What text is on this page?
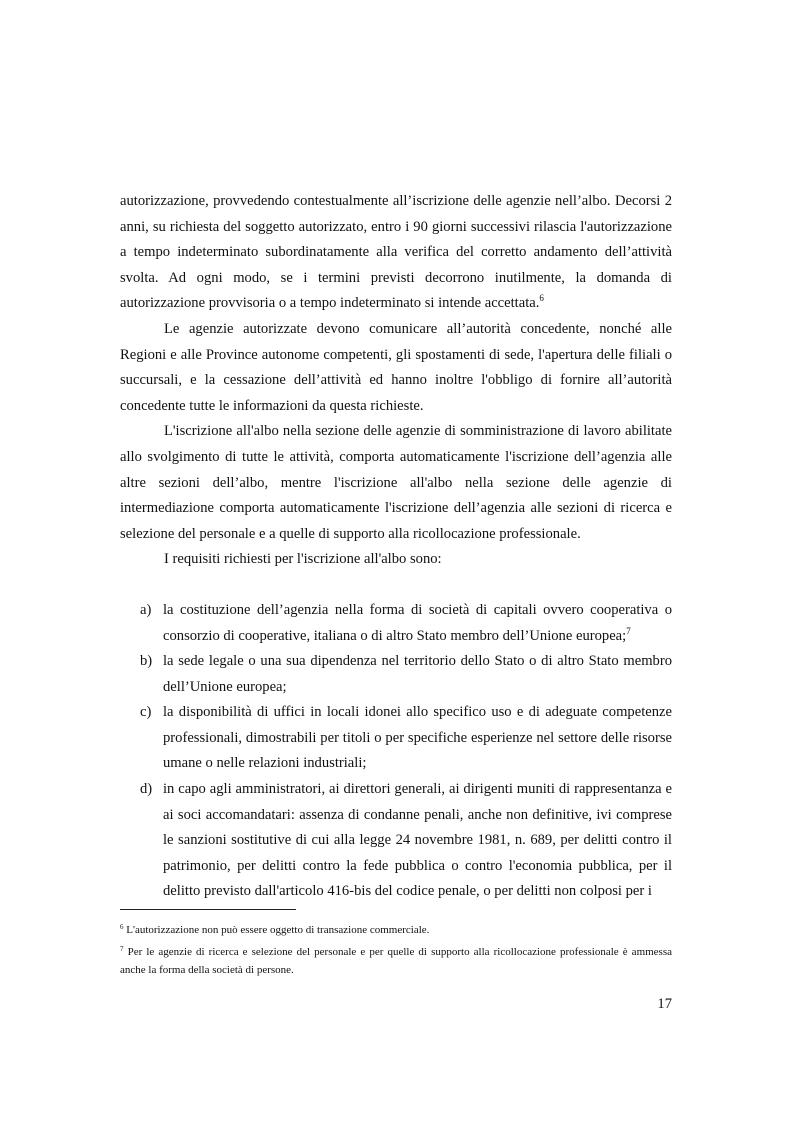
autorizzazione, provvedendo contestualmente all’iscrizione delle agenzie nell’albo. Decorsi 2 anni, su richiesta del soggetto autorizzato, entro i 90 giorni successivi rilascia l'autorizzazione a tempo indeterminato subordinatamente alla verifica del corretto andamento dell’attività svolta. Ad ogni modo, se i termini previsti decorrono inutilmente, la domanda di autorizzazione provvisoria o a tempo indeterminato si intende accettata.$^6$

Le agenzie autorizzate devono comunicare all’autorità concedente, nonché alle Regioni e alle Province autonome competenti, gli spostamenti di sede, l'apertura delle filiali o succursali, e la cessazione dell’attività ed hanno inoltre l'obbligo di fornire all’autorità concedente tutte le informazioni da questa richieste.

L'iscrizione all'albo nella sezione delle agenzie di somministrazione di lavoro abilitate allo svolgimento di tutte le attività, comporta automaticamente l'iscrizione dell’agenzia alle altre sezioni dell’albo, mentre l'iscrizione all'albo nella sezione delle agenzie di intermediazione comporta automaticamente l'iscrizione dell’agenzia alle sezioni di ricerca e selezione del personale e a quelle di supporto alla ricollocazione professionale.

I requisiti richiesti per l'iscrizione all'albo sono:

a) la costituzione dell’agenzia nella forma di società di capitali ovvero cooperativa o consorzio di cooperative, italiana o di altro Stato membro dell’Unione europea;$^7$
b) la sede legale o una sua dipendenza nel territorio dello Stato o di altro Stato membro dell’Unione europea;
c) la disponibilità di uffici in locali idonei allo specifico uso e di adeguate competenze professionali, dimostrabili per titoli o per specifiche esperienze nel settore delle risorse umane o nelle relazioni industriali;
d) in capo agli amministratori, ai direttori generali, ai dirigenti muniti di rappresentanza e ai soci accomandatari: assenza di condanne penali, anche non definitive, ivi comprese le sanzioni sostitutive di cui alla legge 24 novembre 1981, n. 689, per delitti contro il patrimonio, per delitti contro la fede pubblica o contro l'economia pubblica, per il delitto previsto dall'articolo 416-bis del codice penale, o per delitti non colposi per i

$^6$ L'autorizzazione non può essere oggetto di transazione commerciale.

$^7$ Per le agenzie di ricerca e selezione del personale e per quelle di supporto alla ricollocazione professionale è ammessa anche la forma della società di persone.

17
